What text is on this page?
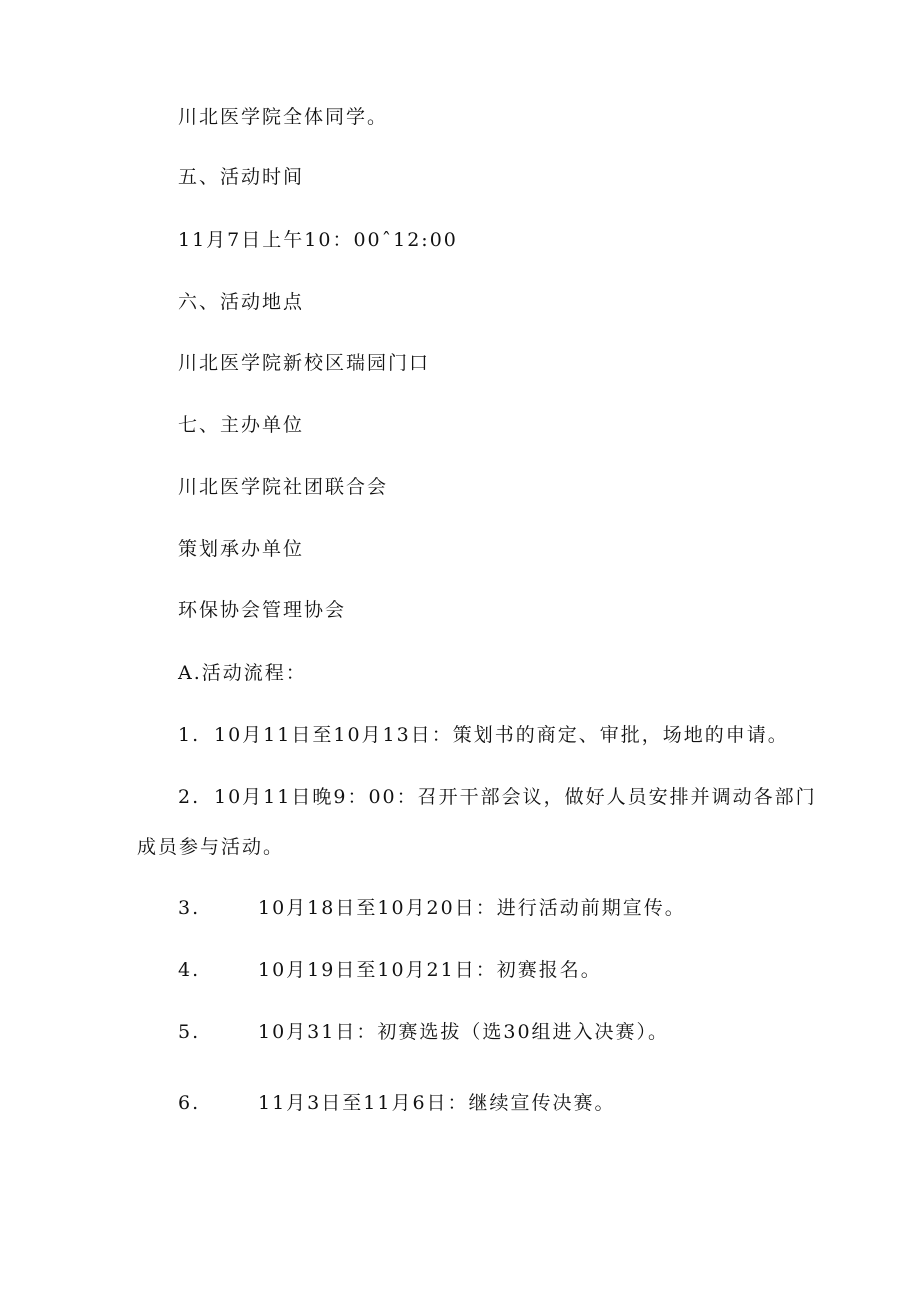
川北医学院全体同学。
五、活动时间
11月7日上午10：00ˆ12:00
六、活动地点
川北医学院新校区瑞园门口
七、主办单位
川北医学院社团联合会
策划承办单位
环保协会管理协会
A.活动流程：
1. 10月11日至10月13日：策划书的商定、审批，场地的申请。
2. 10月11日晚9：00：召开干部会议，做好人员安排并调动各部门
成员参与活动。
3.	10月18日至10月20日：进行活动前期宣传。
4.	10月19日至10月21日：初赛报名。
5.	10月31日：初赛选拔（选30组进入决赛）。
6.	11月3日至11月6日：继续宣传决赛。
